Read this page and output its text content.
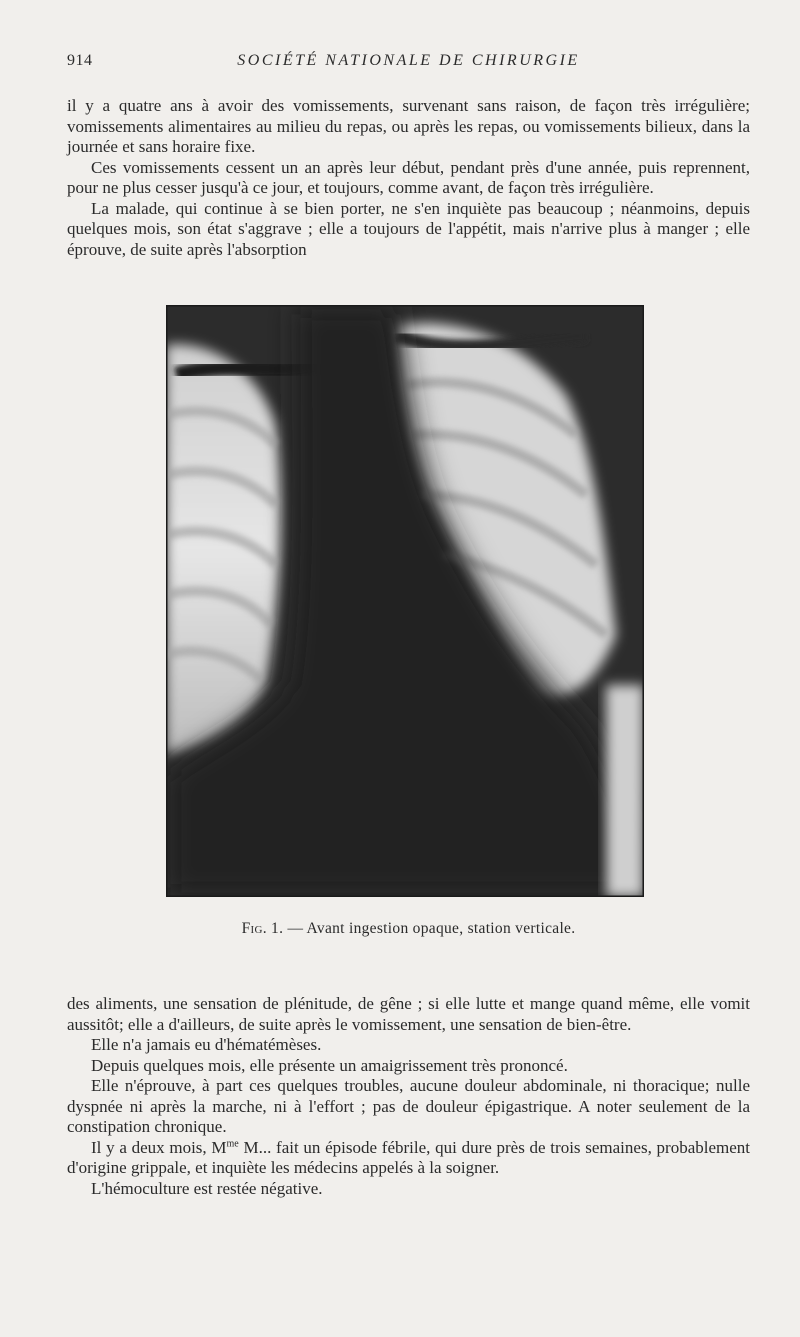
914	SOCIÉTÉ NATIONALE DE CHIRURGIE

il y a quatre ans à avoir des vomissements, survenant sans raison, de façon très irrégulière; vomissements alimentaires au milieu du repas, ou après les repas, ou vomissements bilieux, dans la journée et sans horaire fixe.

Ces vomissements cessent un an après leur début, pendant près d'une année, puis reprennent, pour ne plus cesser jusqu'à ce jour, et toujours, comme avant, de façon très irrégulière.

La malade, qui continue à se bien porter, ne s'en inquiète pas beaucoup ; néanmoins, depuis quelques mois, son état s'aggrave ; elle a toujours de l'appétit, mais n'arrive plus à manger ; elle éprouve, de suite après l'absorption

Fig. 1. — Avant ingestion opaque, station verticale.

des aliments, une sensation de plénitude, de gêne ; si elle lutte et mange quand même, elle vomit aussitôt; elle a d'ailleurs, de suite après le vomissement, une sensation de bien-être.

Elle n'a jamais eu d'hématémèses.

Depuis quelques mois, elle présente un amaigrissement très prononcé.

Elle n'éprouve, à part ces quelques troubles, aucune douleur abdominale, ni thoracique; nulle dyspnée ni après la marche, ni à l'effort ; pas de douleur épigastrique. A noter seulement de la constipation chronique.

Il y a deux mois, $M^{me}$ M... fait un épisode fébrile, qui dure près de trois semaines, probablement d'origine grippale, et inquiète les médecins appelés à la soigner.

L'hémoculture est restée négative.
